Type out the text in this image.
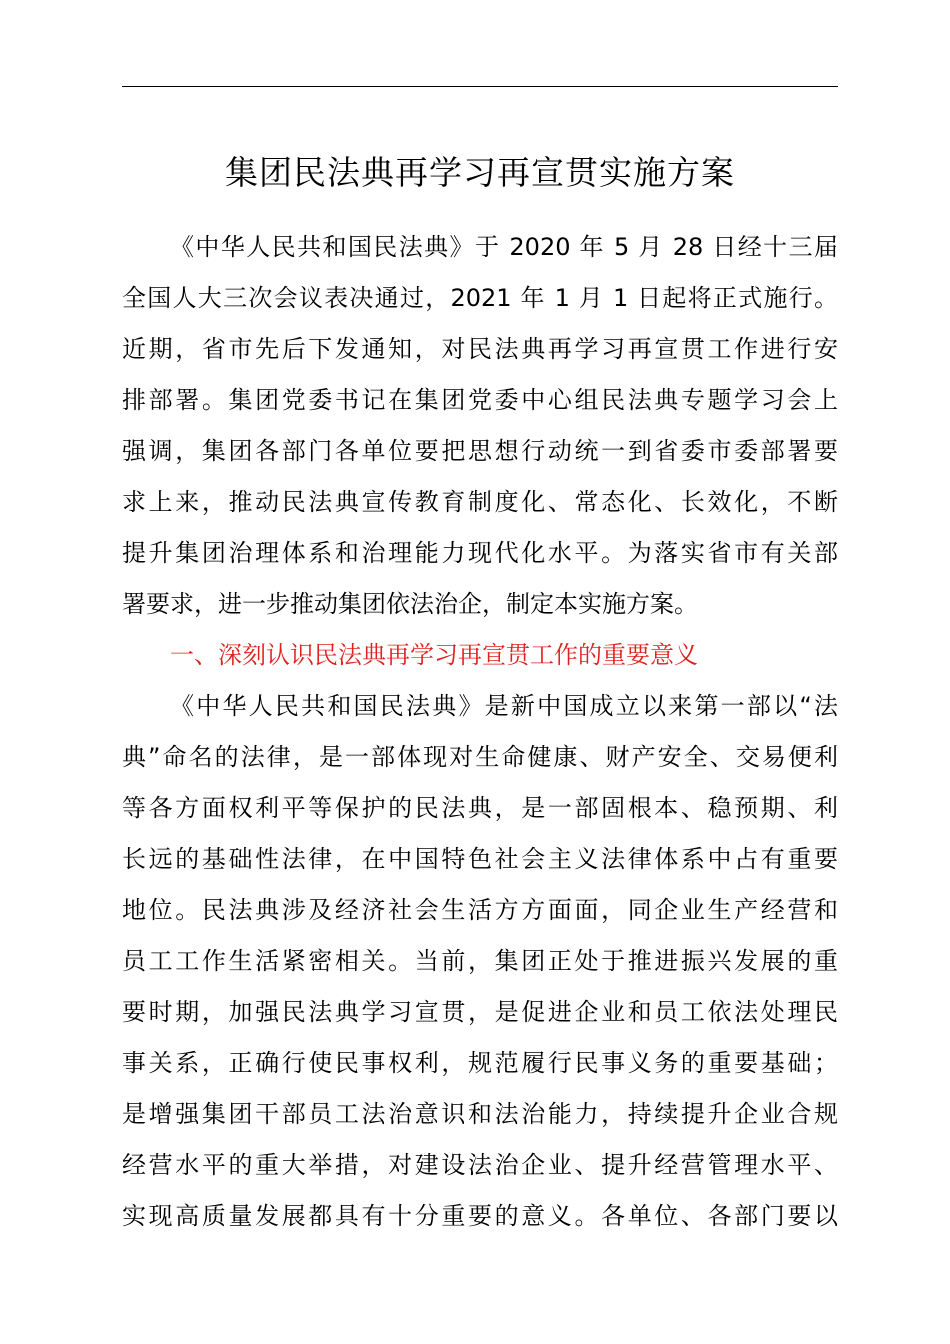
集团民法典再学习再宣贯实施方案
《中华人民共和国民法典》于 2020 年 5 月 28 日经十三届
全国人大三次会议表决通过，2021 年 1 月 1 日起将正式施行。
近期，省市先后下发通知，对民法典再学习再宣贯工作进行安
排部署。集团党委书记在集团党委中心组民法典专题学习会上
强调，集团各部门各单位要把思想行动统一到省委市委部署要
求上来，推动民法典宣传教育制度化、常态化、长效化，不断
提升集团治理体系和治理能力现代化水平。为落实省市有关部
署要求，进一步推动集团依法治企，制定本实施方案。
一、深刻认识民法典再学习再宣贯工作的重要意义
《中华人民共和国民法典》是新中国成立以来第一部以“法
典”命名的法律，是一部体现对生命健康、财产安全、交易便利
等各方面权利平等保护的民法典，是一部固根本、稳预期、利
长远的基础性法律，在中国特色社会主义法律体系中占有重要
地位。民法典涉及经济社会生活方方面面，同企业生产经营和
员工工作生活紧密相关。当前，集团正处于推进振兴发展的重
要时期，加强民法典学习宣贯，是促进企业和员工依法处理民
事关系，正确行使民事权利，规范履行民事义务的重要基础；
是增强集团干部员工法治意识和法治能力，持续提升企业合规
经营水平的重大举措，对建设法治企业、提升经营管理水平、
实现高质量发展都具有十分重要的意义。各单位、各部门要以
